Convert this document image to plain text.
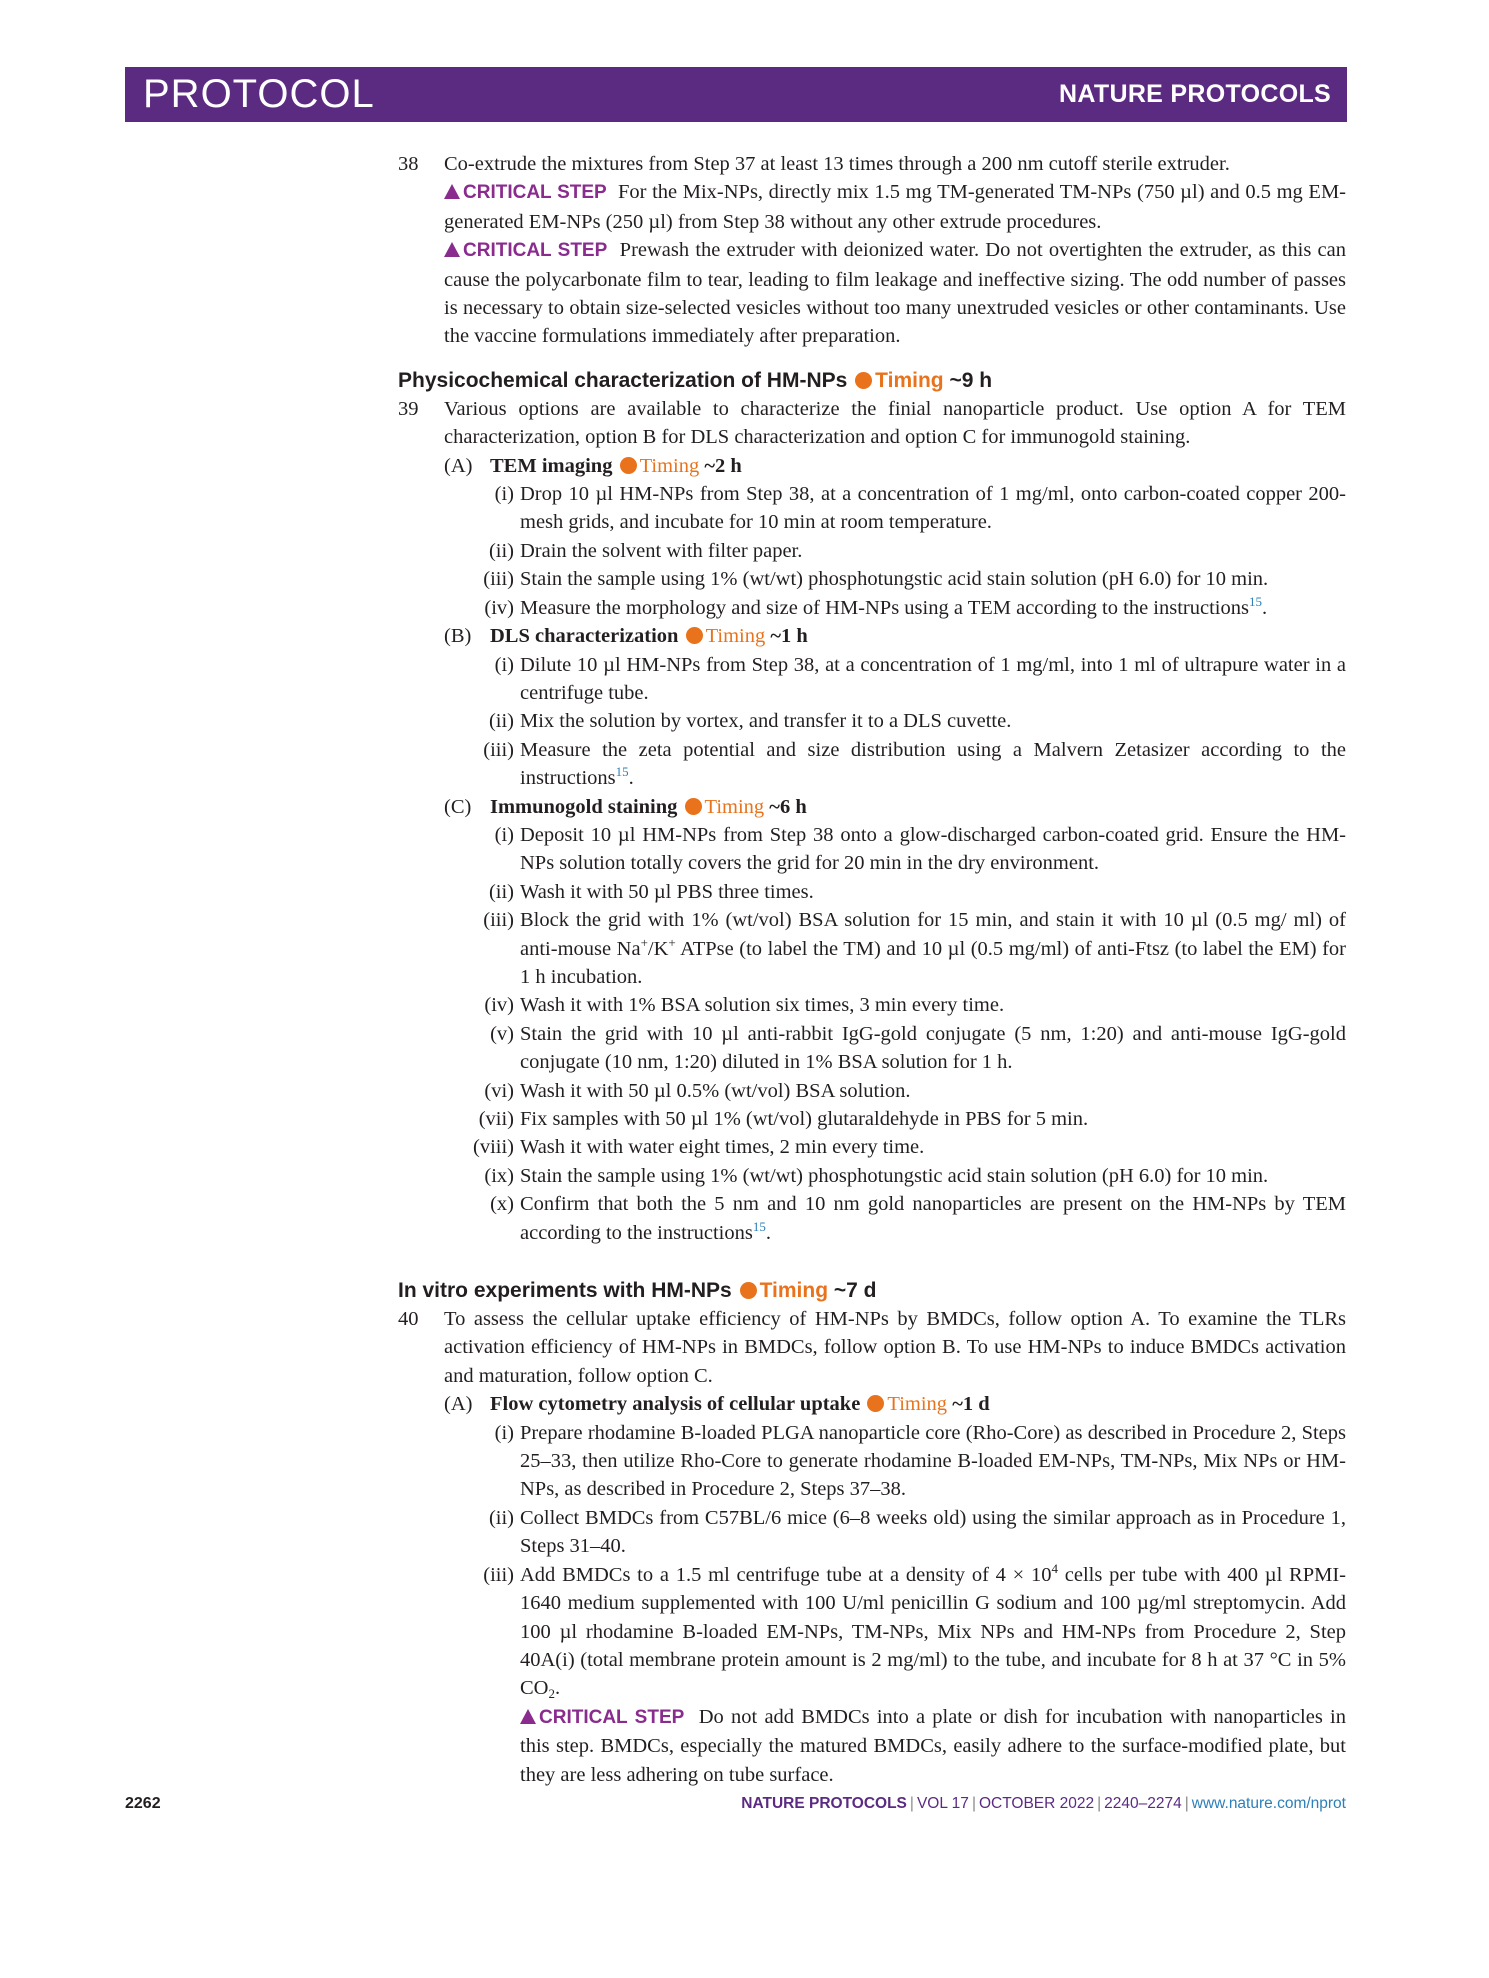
PROTOCOL	NATURE PROTOCOLS
38 Co-extrude the mixtures from Step 37 at least 13 times through a 200 nm cutoff sterile extruder.
CRITICAL STEP For the Mix-NPs, directly mix 1.5 mg TM-generated TM-NPs (750 µl) and 0.5 mg EM-generated EM-NPs (250 µl) from Step 38 without any other extrude procedures.
CRITICAL STEP Prewash the extruder with deionized water. Do not overtighten the extruder, as this can cause the polycarbonate film to tear, leading to film leakage and ineffective sizing. The odd number of passes is necessary to obtain size-selected vesicles without too many unextruded vesicles or other contaminants. Use the vaccine formulations immediately after preparation.
Physicochemical characterization of HM-NPs Timing ~9 h
39 Various options are available to characterize the finial nanoparticle product. Use option A for TEM characterization, option B for DLS characterization and option C for immunogold staining.
(A) TEM imaging Timing ~2 h
(i) Drop 10 µl HM-NPs from Step 38, at a concentration of 1 mg/ml, onto carbon-coated copper 200-mesh grids, and incubate for 10 min at room temperature.
(ii) Drain the solvent with filter paper.
(iii) Stain the sample using 1% (wt/wt) phosphotungstic acid stain solution (pH 6.0) for 10 min.
(iv) Measure the morphology and size of HM-NPs using a TEM according to the instructions$^{15}$.
(B) DLS characterization Timing ~1 h
(i) Dilute 10 µl HM-NPs from Step 38, at a concentration of 1 mg/ml, into 1 ml of ultrapure water in a centrifuge tube.
(ii) Mix the solution by vortex, and transfer it to a DLS cuvette.
(iii) Measure the zeta potential and size distribution using a Malvern Zetasizer according to the instructions$^{15}$.
(C) Immunogold staining Timing ~6 h
(i) Deposit 10 µl HM-NPs from Step 38 onto a glow-discharged carbon-coated grid. Ensure the HM-NPs solution totally covers the grid for 20 min in the dry environment.
(ii) Wash it with 50 µl PBS three times.
(iii) Block the grid with 1% (wt/vol) BSA solution for 15 min, and stain it with 10 µl (0.5 mg/ ml) of anti-mouse Na+/K+ ATPse (to label the TM) and 10 µl (0.5 mg/ml) of anti-Ftsz (to label the EM) for 1 h incubation.
(iv) Wash it with 1% BSA solution six times, 3 min every time.
(v) Stain the grid with 10 µl anti-rabbit IgG-gold conjugate (5 nm, 1:20) and anti-mouse IgG-gold conjugate (10 nm, 1:20) diluted in 1% BSA solution for 1 h.
(vi) Wash it with 50 µl 0.5% (wt/vol) BSA solution.
(vii) Fix samples with 50 µl 1% (wt/vol) glutaraldehyde in PBS for 5 min.
(viii) Wash it with water eight times, 2 min every time.
(ix) Stain the sample using 1% (wt/wt) phosphotungstic acid stain solution (pH 6.0) for 10 min.
(x) Confirm that both the 5 nm and 10 nm gold nanoparticles are present on the HM-NPs by TEM according to the instructions$^{15}$.
In vitro experiments with HM-NPs Timing ~7 d
40 To assess the cellular uptake efficiency of HM-NPs by BMDCs, follow option A. To examine the TLRs activation efficiency of HM-NPs in BMDCs, follow option B. To use HM-NPs to induce BMDCs activation and maturation, follow option C.
(A) Flow cytometry analysis of cellular uptake Timing ~1 d
(i) Prepare rhodamine B-loaded PLGA nanoparticle core (Rho-Core) as described in Procedure 2, Steps 25–33, then utilize Rho-Core to generate rhodamine B-loaded EM-NPs, TM-NPs, Mix NPs or HM-NPs, as described in Procedure 2, Steps 37–38.
(ii) Collect BMDCs from C57BL/6 mice (6–8 weeks old) using the similar approach as in Procedure 1, Steps 31–40.
(iii) Add BMDCs to a 1.5 ml centrifuge tube at a density of $4 \times 10^4$ cells per tube with 400 µl RPMI-1640 medium supplemented with 100 U/ml penicillin G sodium and 100 µg/ml streptomycin. Add 100 µl rhodamine B-loaded EM-NPs, TM-NPs, Mix NPs and HM-NPs from Procedure 2, Step 40A(i) (total membrane protein amount is 2 mg/ml) to the tube, and incubate for 8 h at 37 °C in 5% $CO_2$.
CRITICAL STEP Do not add BMDCs into a plate or dish for incubation with nanoparticles in this step. BMDCs, especially the matured BMDCs, easily adhere to the surface-modified plate, but they are less adhering on tube surface.
2262	NATURE PROTOCOLS | VOL 17 | OCTOBER 2022 | 2240–2274 | www.nature.com/nprot
